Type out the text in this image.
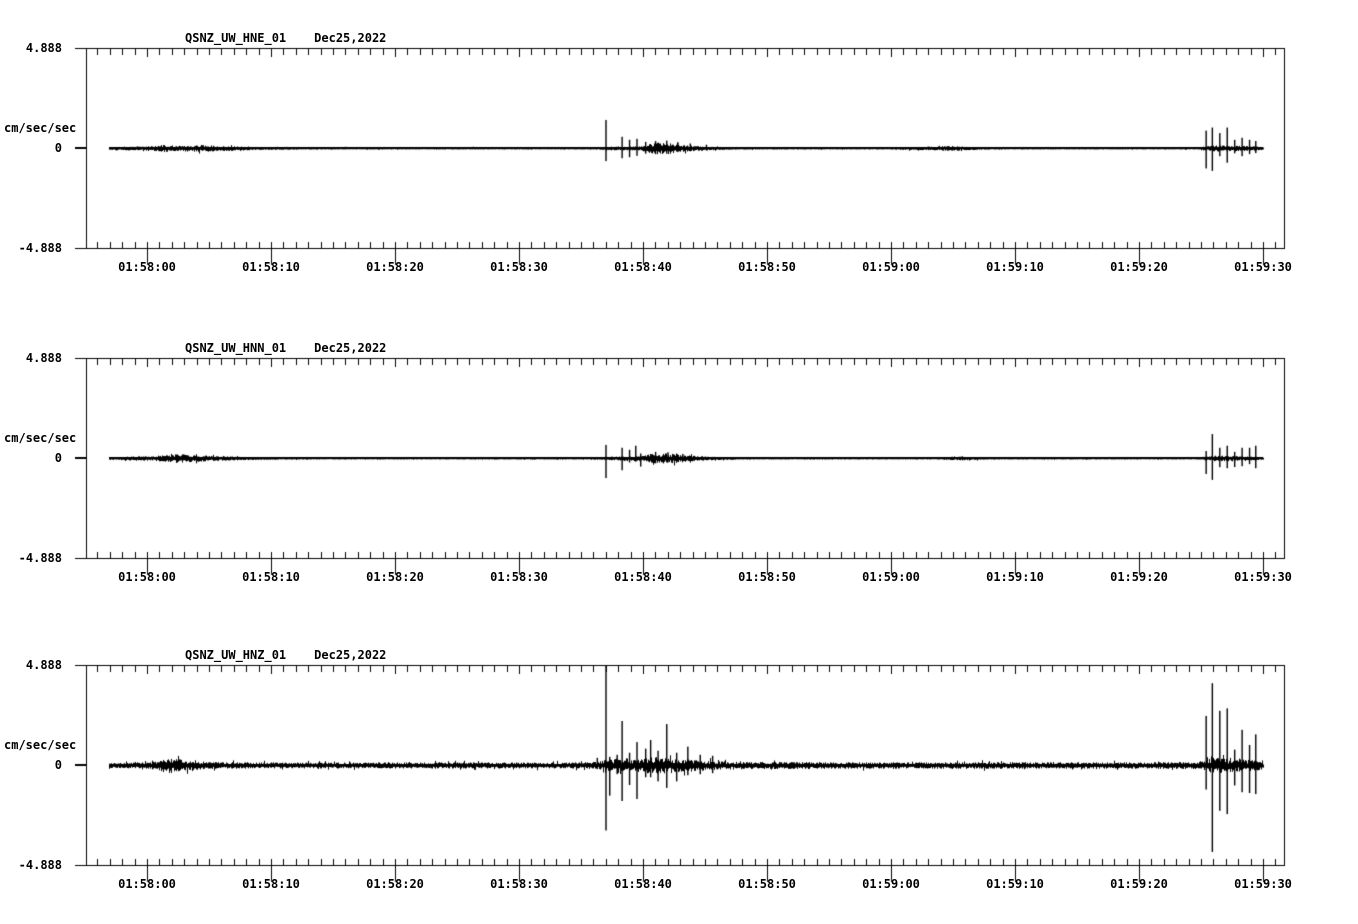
QSNZ_UW_HNE_01 Dec25,2022
4.888
0
-4.888
cm/sec/sec
01:58:00	01:58:10	01:58:20	01:58:30	01:58:40	01:58:50	01:59:00	01:59:10	01:59:20	01:59:30
QSNZ_UW_HNN_01 Dec25,2022
4.888
0
-4.888
cm/sec/sec
01:58:00	01:58:10	01:58:20	01:58:30	01:58:40	01:58:50	01:59:00	01:59:10	01:59:20	01:59:30
QSNZ_UW_HNZ_01 Dec25,2022
4.888
0
-4.888
cm/sec/sec
01:58:00	01:58:10	01:58:20	01:58:30	01:58:40	01:58:50	01:59:00	01:59:10	01:59:20	01:59:30
